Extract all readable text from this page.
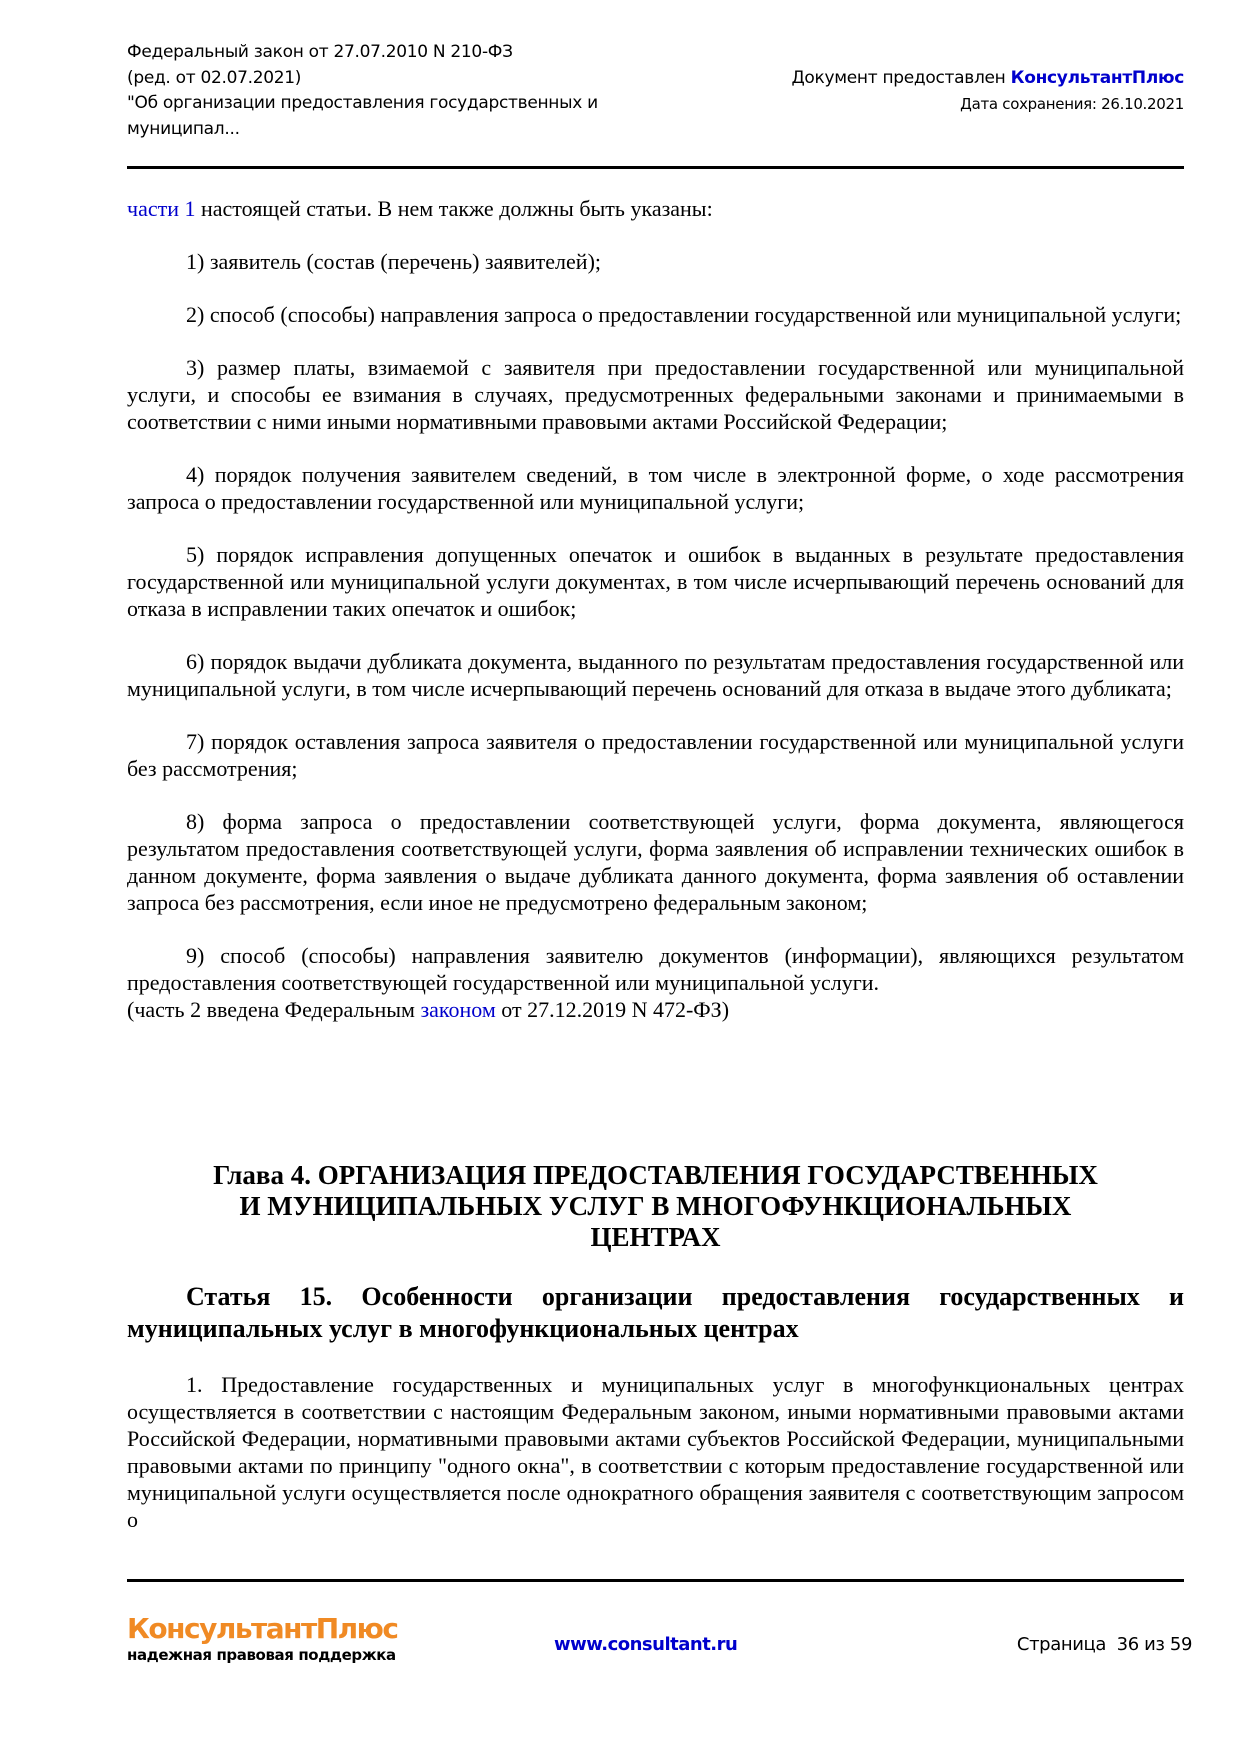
Федеральный закон от 27.07.2010 N 210-ФЗ
(ред. от 02.07.2021)
"Об организации предоставления государственных и
муниципал...
Документ предоставлен КонсультантПлюс
Дата сохранения: 26.10.2021

части 1 настоящей статьи. В нем также должны быть указаны:

1) заявитель (состав (перечень) заявителей);

2) способ (способы) направления запроса о предоставлении государственной или муниципальной услуги;

3) размер платы, взимаемой с заявителя при предоставлении государственной или муниципальной услуги, и способы ее взимания в случаях, предусмотренных федеральными законами и принимаемыми в соответствии с ними иными нормативными правовыми актами Российской Федерации;

4) порядок получения заявителем сведений, в том числе в электронной форме, о ходе рассмотрения запроса о предоставлении государственной или муниципальной услуги;

5) порядок исправления допущенных опечаток и ошибок в выданных в результате предоставления государственной или муниципальной услуги документах, в том числе исчерпывающий перечень оснований для отказа в исправлении таких опечаток и ошибок;

6) порядок выдачи дубликата документа, выданного по результатам предоставления государственной или муниципальной услуги, в том числе исчерпывающий перечень оснований для отказа в выдаче этого дубликата;

7) порядок оставления запроса заявителя о предоставлении государственной или муниципальной услуги без рассмотрения;

8) форма запроса о предоставлении соответствующей услуги, форма документа, являющегося результатом предоставления соответствующей услуги, форма заявления об исправлении технических ошибок в данном документе, форма заявления о выдаче дубликата данного документа, форма заявления об оставлении запроса без рассмотрения, если иное не предусмотрено федеральным законом;

9) способ (способы) направления заявителю документов (информации), являющихся результатом предоставления соответствующей государственной или муниципальной услуги.

(часть 2 введена Федеральным законом от 27.12.2019 N 472-ФЗ)

Глава 4. ОРГАНИЗАЦИЯ ПРЕДОСТАВЛЕНИЯ ГОСУДАРСТВЕННЫХ
И МУНИЦИПАЛЬНЫХ УСЛУГ В МНОГОФУНКЦИОНАЛЬНЫХ
ЦЕНТРАХ
Статья 15. Особенности организации предоставления государственных и муниципальных услуг в многофункциональных центрах

1. Предоставление государственных и муниципальных услуг в многофункциональных центрах осуществляется в соответствии с настоящим Федеральным законом, иными нормативными правовыми актами Российской Федерации, нормативными правовыми актами субъектов Российской Федерации, муниципальными правовыми актами по принципу "одного окна", в соответствии с которым предоставление государственной или муниципальной услуги осуществляется после однократного обращения заявителя с соответствующим запросом о

КонсультантПлюс
надежная правовая поддержка	www.consultant.ru	Страница 36 из 59
